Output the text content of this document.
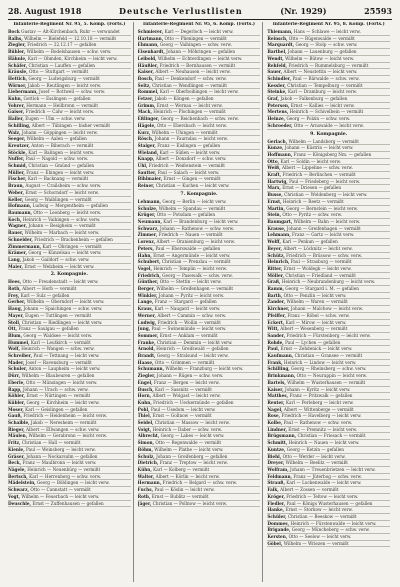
28. August 1918	Deutsche Verlustlisten	(Nr. 1929)	25593
Infanterie-Regiment Nr. 95, 5. Komp. (Forts.)
Bock Gustav — Alt-Kirchenbach, Ruhr — verwundet
Ralhs, Wilhelm — Bielefeld — 12.10.18 — vermißt
Ziegler, Friedrich — 22.12.17 — gefallen
Bühler, Wilhelm — Bodelshausen — schw. verw.
Hähnle, Karl — Ohmden, Kirchheim — leicht verw.
Schäfer, Christian — Lauffen — gefallen
Kräusle, Otto — Stuttgart — vermißt
Hettich, Georg — Ludwigsburg — vermißt
Wörner, Jakob — Reutlingen — leicht verw.
Liebermann, Josef — Rottweil — schw. verw.
Kuhn, Gottlob — Esslingen — gefallen
Vohrer, Hermann — Heilbronn — vermißt
Gaiser, Friedrich — Calw — leicht verw.
Haller, Eugen — Ulm — schw. verw.
Schilling, Albert — Tübingen — bisher vermißt
Walz, Johann — Göppingen — leicht verw.
Seeger, Wilhelm — Aalen — gefallen
Kreutzer, Anton — Biberach — vermißt
Stöckle, Karl — Balingen — leicht verw.
Nuffer, Paul — Nagold — schw. verw.
Schmid, Christian — Gmünd — gefallen
Müller, Franz — Ehingen — leicht verw.
Fischer, Karl — Backnang — vermißt
Braun, August — Crailsheim — schw. verw.
Weber, Ernst — Schorndorf — leicht verw.
Keller, Georg — Waiblingen — vermißt
Hofmann, Ludwig — Mergentheim — gefallen
Baumann, Otto — Leonberg — leicht verw.
Koch, Heinrich — Vaihingen — schw. verw.
Wagner, Johann — Besigheim — vermißt
Bauer, Wilhelm — Marbach — leicht verw.
Schneider, Friedrich — Brackenheim — gefallen
Zimmermann, Karl — Öhringen — vermißt
Krämer, Georg — Künzelsau — leicht verw.
Lang, Jakob — Gaildorf — schw. verw.
Maier, Ernst — Welzheim — leicht verw.
2. Kompagnie.
Hees, Otto — Freudenstadt — leicht verw.
Roth, Albert — Horb — vermißt
Frey, Karl — Sulz — gefallen
Gerber, Wilhelm — Oberndorf — leicht verw.
Haug, Johann — Spaichingen — schw. verw.
Mayer, Eugen — Tuttlingen — vermißt
Stoll, Christian — Riedlingen — leicht verw.
Ott, Franz — Saulgau — gefallen
Blum, Georg — Waldsee — leicht verw.
Hummel, Karl — Leutkirch — vermißt
Wolf, Heinrich — Wangen — schw. verw.
Schreiber, Paul — Tettnang — leicht verw.
Mader, Josef — Ravensburg — vermißt
Schuler, Anton — Laupheim — leicht verw.
Dürr, Wilhelm — Blaubeuren — gefallen
Eberle, Otto — Münsingen — leicht verw.
Rapp, Johann — Urach — schw. verw.
Köhler, Ernst — Nürtingen — vermißt
Kübler, Georg — Kirchheim — leicht verw.
Moser, Karl — Geislingen — gefallen
Gauß, Friedrich — Heidenheim — leicht verw.
Schaible, Jakob — Neresheim — vermißt
Rieger, Albert — Ellwangen — schw. verw.
Mäulen, Wilhelm — Gerabronn — leicht verw.
Fritz, Christian — Hall — vermißt
Kienle, Paul — Weinsberg — leicht verw.
Gräser, Johann — Neckarsulm — gefallen
Beck, Franz — Maulbronn — leicht verw.
Nägele, Heinrich — Neuenbürg — vermißt
Bertsch, Karl — Herrenberg — schw. verw.
Mädelstein, Georg — Böblingen — leicht verw.
Schwarz, Otto — Cannstatt — vermißt
Vogt, Wilhelm — Feuerbach — leicht verw.
Deuschle, Ernst — Zuffenhausen — gefallen
Infanterie-Regiment Nr. 95, 6. Komp. (Forts.)
Schmierer, Karl — Degerloch — leicht verw.
Hartmann, Otto — Plieningen — vermißt
Ehmann, Georg — Vaihingen — schw. verw.
Eisenhardt, Johann — Möhringen — gefallen
Leibold, Wilhelm — Echterdingen — leicht verw.
Häußler, Friedrich — Bernhausen — vermißt
Kaiser, Albert — Neuhausen — leicht verw.
Bosch, Paul — Denkendorf — schw. verw.
Seitz, Christian — Wendlingen — vermißt
Rommel, Karl — Oberboihingen — leicht verw.
Fetzer, Jakob — Köngen — gefallen
Grimm, Ernst — Wernau — leicht verw.
Mack, Heinrich — Plochingen — vermißt
Eßlinger, Georg — Reichenbach — schw. verw.
Hägele, Otto — Ebersbach — leicht verw.
Kurz, Wilhelm — Uhingen — vermißt
Rösch, Johann — Faurndau — leicht verw.
Staiger, Franz — Eislingen — gefallen
Wieland, Karl — Süßen — leicht verw.
Knapp, Albert — Donzdorf — schw. verw.
Uhl, Friedrich — Weißenstein — vermißt
Sautter, Paul — Salach — leicht verw.
Bihlmaier, Ernst — Gingen — vermißt
Reiner, Christian — Kuchen — leicht verw.
7. Kompagnie.
Lehmann, Georg — Berlin — leicht verw.
Schulze, Wilhelm — Spandau — vermißt
Krüger, Otto — Potsdam — gefallen
Neumann, Karl — Brandenburg — leicht verw.
Schwarz, Johann — Rathenow — schw. verw.
Zimmer, Friedrich — Nauen — vermißt
Lorenz, Albert — Oranienburg — leicht verw.
Peters, Paul — Eberswalde — gefallen
Hahn, Ernst — Angermünde — leicht verw.
Schubert, Christian — Prenzlau — vermißt
Vogel, Heinrich — Templin — leicht verw.
Friedrich, Georg — Pasewalk — schw. verw.
Günther, Otto — Stettin — leicht verw.
Berger, Wilhelm — Greifenhagen — vermißt
Winkler, Johann — Pyritz — leicht verw.
Lange, Franz — Stargard — gefallen
Kraus, Karl — Naugard — leicht verw.
Werner, Albert — Cammin — schw. verw.
Ludwig, Friedrich — Wollin — vermißt
Jung, Paul — Swinemünde — leicht verw.
Sommer, Ernst — Anklam — vermißt
Franke, Christian — Demmin — leicht verw.
Arnold, Heinrich — Greifswald — gefallen
Brandt, Georg — Stralsund — leicht verw.
Haase, Otto — Grimmen — vermißt
Schumann, Wilhelm — Franzburg — leicht verw.
Ziegler, Johann — Rügen — schw. verw.
Engel, Franz — Bergen — leicht verw.
Busch, Karl — Sassnitz — vermißt
Horn, Albert — Wolgast — leicht verw.
Kuhn, Friedrich — Ueckermünde — gefallen
Pohl, Paul — Usedom — leicht verw.
Thiel, Ernst — Gollnow — vermißt
Seidel, Christian — Massow — leicht verw.
Voigt, Heinrich — Daber — schw. verw.
Albrecht, Georg — Labes — leicht verw.
Simon, Otto — Regenwalde — vermißt
Böhm, Wilhelm — Plathe — leicht verw.
Schulz, Johann — Greifenberg — gefallen
Dietrich, Franz — Treptow — leicht verw.
Kühn, Karl — Kolberg — vermißt
Walter, Albert — Körlin — leicht verw.
Hermann, Friedrich — Belgard — schw. verw.
Fuchs, Paul — Köslin — leicht verw.
Roth, Ernst — Bublitz — vermißt
Jäger, Christian — Pollnow — leicht verw.
Infanterie-Regiment Nr. 95, 8. Komp. (Forts.)
Thiemann, Hans — Schlawe — leicht verw.
Reinsch, Otto — Rügenwalde — vermißt
Marquardt, Georg — Stolp — schw. verw.
Barthel, Johann — Lauenburg — gefallen
Wendt, Wilhelm — Bütow — leicht verw.
Rehfeld, Friedrich — Rummelsburg — vermißt
Sauer, Albert — Neustettin — leicht verw.
Schindler, Paul — Bärwalde — schw. verw.
Kessler, Christian — Tempelburg — vermißt
Steinke, Karl — Dramburg — leicht verw.
Graf, Jakob — Falkenburg — gefallen
Petersen, Ernst — Kallies — leicht verw.
Mertens, Heinrich — Schivelbein — vermißt
Heinze, Georg — Polzin — schw. verw.
Schroeder, Otto — Arnswalde — leicht verw.
9. Kompagnie.
Gerlach, Wilhelm — Landsberg — vermißt
Kunze, Johann — Küstrin — leicht verw.
Hoffmann, Franz — Königsberg Nm. — gefallen
Otto, Karl — Soldin — leicht verw.
Weiß, Albert — Lippehne — schw. verw.
Kraft, Friedrich — Berlinchen — vermißt
Hartwig, Paul — Friedeberg — leicht verw.
Marx, Ernst — Driesen — gefallen
Busse, Christian — Woldenberg — leicht verw.
Ernst, Heinrich — Reetz — vermißt
Martin, Georg — Bernstein — leicht verw.
Stein, Otto — Pyritz — schw. verw.
Baumgart, Wilhelm — Bahn — leicht verw.
Krause, Johann — Greifenhagen — vermißt
Lehmann, Franz — Gartz — leicht verw.
Wolff, Karl — Penkun — gefallen
Beyer, Albert — Löcknitz — leicht verw.
Schütz, Friedrich — Brüssow — schw. verw.
Heinrich, Paul — Strasburg — vermißt
Ritter, Ernst — Woldegk — leicht verw.
Möller, Christian — Friedland — vermißt
Graß, Heinrich — Neubrandenburg — leicht verw.
Ramm, Georg — Stargard i. M. — gefallen
Barth, Otto — Penzlin — leicht verw.
Zander, Wilhelm — Waren — vermißt
Kirchner, Johann — Malchow — leicht verw.
Pfeiffer, Franz — Röbel — schw. verw.
Eckert, Karl — Mirow — leicht verw.
Witt, Albert — Wesenberg — vermißt
Sander, Friedrich — Fürstenberg — leicht verw.
Rohde, Paul — Lychen — gefallen
Paul, Ernst — Zehdenick — leicht verw.
Kaufmann, Christian — Gransee — vermißt
Frank, Heinrich — Lindow — leicht verw.
Schilling, Georg — Rheinsberg — schw. verw.
Brinkmann, Otto — Neuruppin — leicht verw.
Bartels, Wilhelm — Wusterhausen — vermißt
Kaiser, Johann — Kyritz — leicht verw.
Matthes, Franz — Pritzwalk — gefallen
Reuter, Karl — Perleberg — leicht verw.
Nagel, Albert — Wittenberge — vermißt
Rose, Friedrich — Havelberg — leicht verw.
Kolbe, Paul — Rathenow — schw. verw.
Lindner, Ernst — Premnitz — leicht verw.
Brügsmann, Christian — Friesack — vermißt
Schmitt, Heinrich — Nauen — leicht verw.
Kuntze, Georg — Ketzin — gefallen
Biehl, Otto — Werder — leicht verw.
Dreyer, Wilhelm — Beelitz — vermißt
Wolfram, Johann — Treuenbrietzen — leicht verw.
Feldmann, Franz — Jüterbog — schw. verw.
Strauß, Karl — Luckenwalde — leicht verw.
Falk, Albert — Zossen — vermißt
Kröger, Friedrich — Teltow — leicht verw.
Fiedler, Paul — Königs Wusterhausen — gefallen
Hanke, Ernst — Storkow — leicht verw.
Schüler, Christian — Beeskow — vermißt
Dommes, Heinrich — Fürstenwalde — leicht verw.
Brigande, Georg — Müncheberg — schw. verw.
Kersten, Otto — Seelow — leicht verw.
Göbel, Wilhelm — Wriezen — vermißt
